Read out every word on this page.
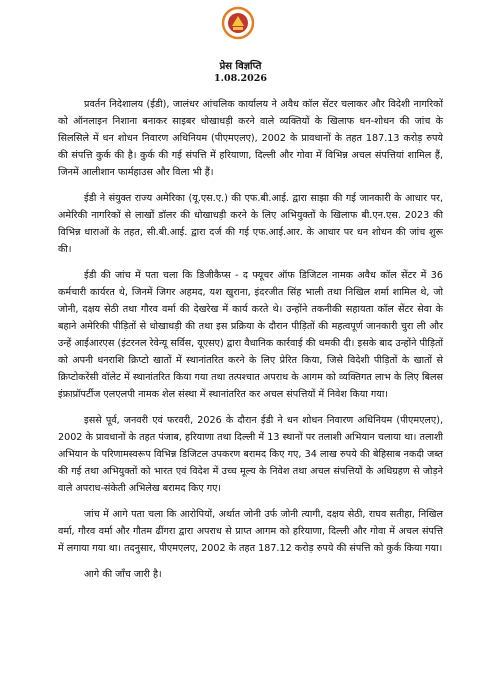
प्रेस विज्ञप्ति
1.08.2026

प्रवर्तन निदेशालय (ईडी), जालंधर आंचलिक कार्यालय ने अवैध कॉल सेंटर चलाकर और विदेशी नागरिकों को ऑनलाइन निशाना बनाकर साइबर धोखाधड़ी करने वाले व्यक्तियों के खिलाफ धन-शोधन की जांच के सिलसिले में धन शोधन निवारण अधिनियम (पीएमएलए), 2002 के प्रावधानों के तहत 187.13 करोड़ रुपये की संपत्ति कुर्क की है। कुर्क की गई संपत्ति में हरियाणा, दिल्ली और गोवा में विभिन्न अचल संपत्तियां शामिल हैं, जिनमें आलीशान फार्महाउस और विला भी हैं।

ईडी ने संयुक्त राज्य अमेरिका (यू.एस.ए.) की एफ.बी.आई. द्वारा साझा की गई जानकारी के आधार पर, अमेरिकी नागरिकों से लाखों डॉलर की धोखाधड़ी करने के लिए अभियुक्तों के खिलाफ बी.एन.एस. 2023 की विभिन्न धाराओं के तहत, सी.बी.आई. द्वारा दर्ज की गई एफ.आई.आर. के आधार पर धन शोधन की जांच शुरू की।

ईडी की जांच में पता चला कि डिजीकैप्स - द फ्यूचर ऑफ डिजिटल नामक अवैध कॉल सेंटर में 36 कर्मचारी कार्यरत थे, जिनमें जिगर अहमद, यश खुराना, इंदरजीत सिंह भाली तथा निखिल शर्मा शामिल थे, जो जोनी, दक्षय सेठी तथा गौरव वर्मा की देखरेख में कार्य करते थे। उन्होंने तकनीकी सहायता कॉल सेंटर सेवा के बहाने अमेरिकी पीड़ितों से धोखाधड़ी की तथा इस प्रक्रिया के दौरान पीड़ितों की महत्वपूर्ण जानकारी चुरा ली और उन्हें आईआरएस (इंटरनल रेवेन्यू सर्विस, यूएसए) द्वारा वैधानिक कार्रवाई की धमकी दी। इसके बाद उन्होंने पीड़ितों को अपनी धनराशि क्रिप्टो खातों में स्थानांतरित करने के लिए प्रेरित किया, जिसे विदेशी पीड़ितों के खातों से क्रिप्टोकरेंसी वॉलेट में स्थानांतरित किया गया तथा तत्पश्चात अपराध के आगम को व्यक्तिगत लाभ के लिए बिलस इंफ्राप्रॉपर्टीज एलएलपी नामक शेल संस्था में स्थानांतरित कर अचल संपत्तियों में निवेश किया गया।

इससे पूर्व, जनवरी एवं फरवरी, 2026 के दौरान ईडी ने धन शोधन निवारण अधिनियम (पीएमएलए), 2002 के प्रावधानों के तहत पंजाब, हरियाणा तथा दिल्ली में 13 स्थानों पर तलाशी अभियान चलाया था। तलाशी अभियान के परिणामस्वरूप विभिन्न डिजिटल उपकरण बरामद किए गए, 34 लाख रुपये की बेहिसाब नकदी जब्त की गई तथा अभियुक्तों को भारत एवं विदेश में उच्च मूल्य के निवेश तथा अचल संपत्तियों के अधिग्रहण से जोड़ने वाले अपराध-संकेती अभिलेख बरामद किए गए।

जांच में आगे पता चला कि आरोपियों, अर्थात जोनी उर्फ जोनी त्यागी, दक्षय सेठी, राघव सतीहा, निखिल वर्मा, गौरव वर्मा और गौतम ढींगरा द्वारा अपराध से प्राप्त आगम को हरियाणा, दिल्ली और गोवा में अचल संपत्ति में लगाया गया था। तदनुसार, पीएमएलए, 2002 के तहत 187.12 करोड़ रुपये की संपत्ति को कुर्क किया गया।

आगे की जाँच जारी है।
